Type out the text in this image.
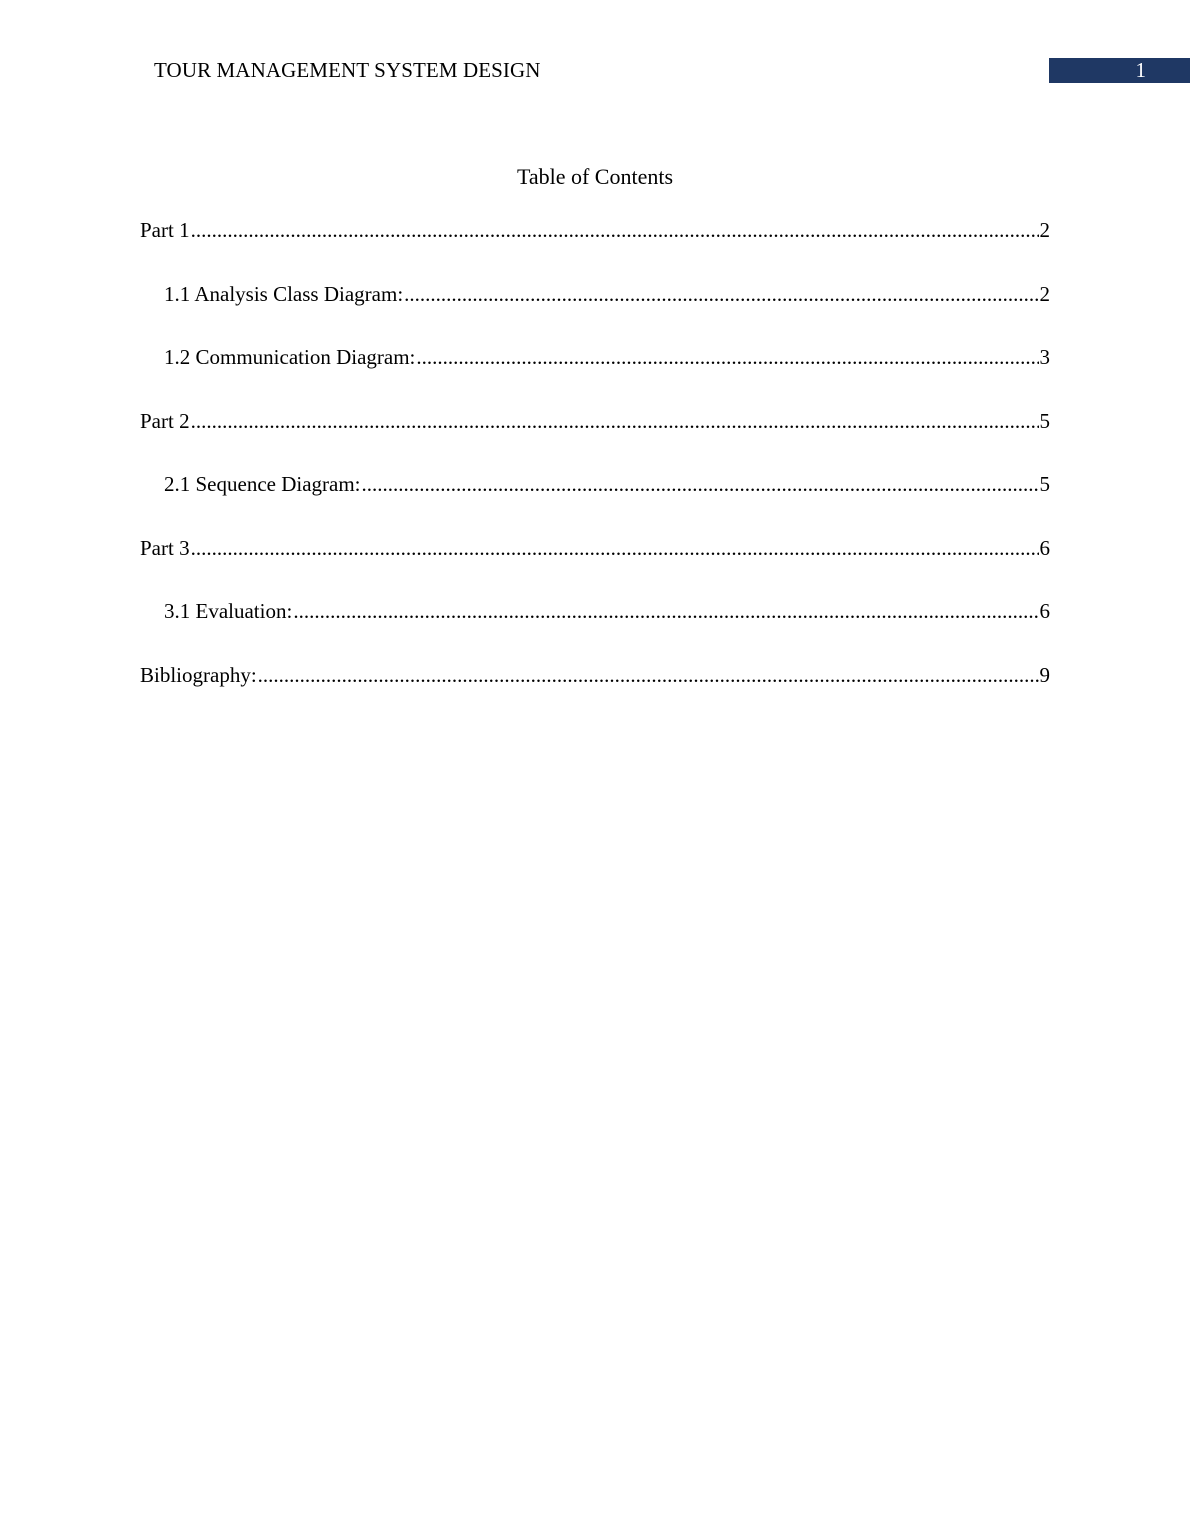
TOUR MANAGEMENT SYSTEM DESIGN	1
Table of Contents
Part 1 .....	2
1.1 Analysis Class Diagram: .....	2
1.2 Communication Diagram: .....	3
Part 2 .....	5
2.1 Sequence Diagram: .....	5
Part 3 .....	6
3.1 Evaluation: .....	6
Bibliography: .....	9
